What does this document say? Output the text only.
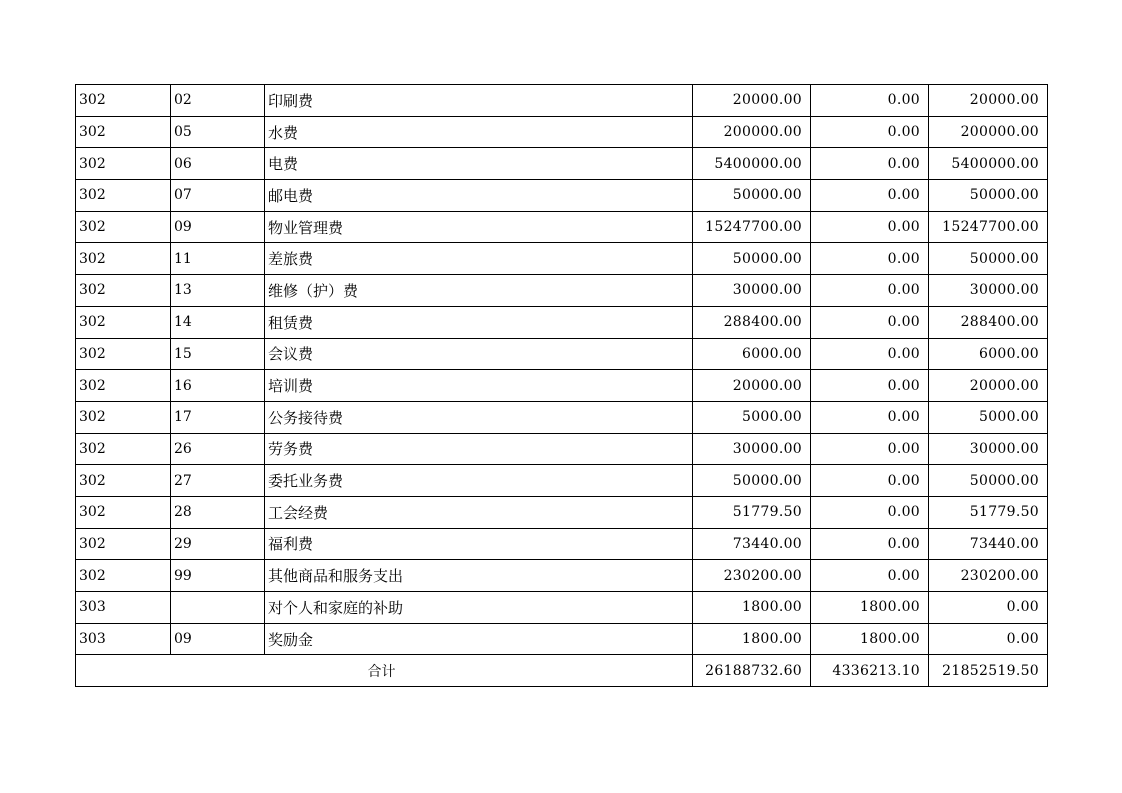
302	02	印刷费	20000.00	0.00	20000.00
302	05	水费	200000.00	0.00	200000.00
302	06	电费	5400000.00	0.00	5400000.00
302	07	邮电费	50000.00	0.00	50000.00
302	09	物业管理费	15247700.00	0.00	15247700.00
302	11	差旅费	50000.00	0.00	50000.00
302	13	维修（护）费	30000.00	0.00	30000.00
302	14	租赁费	288400.00	0.00	288400.00
302	15	会议费	6000.00	0.00	6000.00
302	16	培训费	20000.00	0.00	20000.00
302	17	公务接待费	5000.00	0.00	5000.00
302	26	劳务费	30000.00	0.00	30000.00
302	27	委托业务费	50000.00	0.00	50000.00
302	28	工会经费	51779.50	0.00	51779.50
302	29	福利费	73440.00	0.00	73440.00
302	99	其他商品和服务支出	230200.00	0.00	230200.00
303		对个人和家庭的补助	1800.00	1800.00	0.00
303	09	奖励金	1800.00	1800.00	0.00
合计			26188732.60	4336213.10	21852519.50
